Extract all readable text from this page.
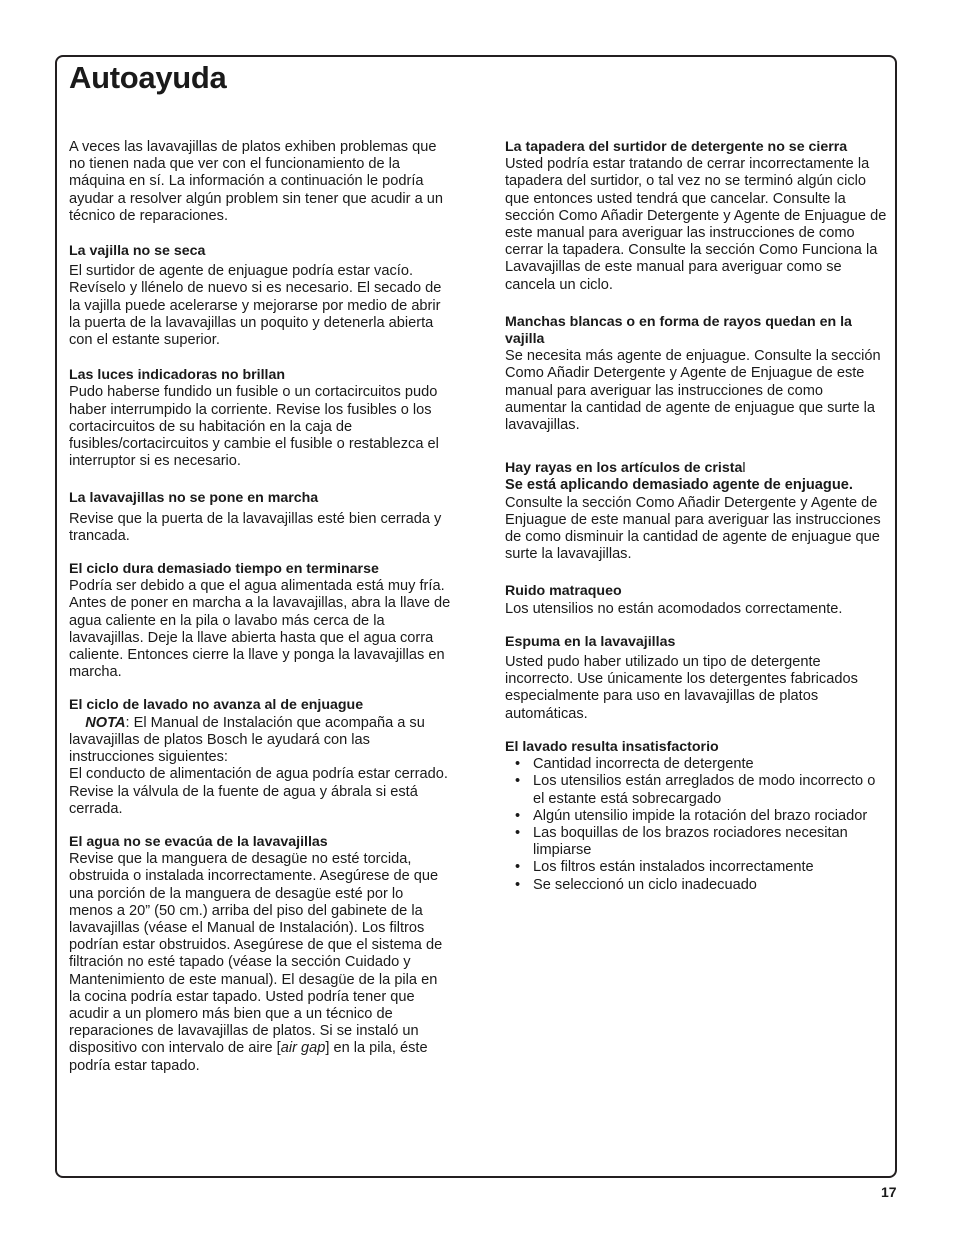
Autoayuda

A veces las lavavajillas de platos exhiben problemas que no tienen nada que ver con el funcionamiento de la máquina en sí. La información a continuación le podría ayudar a resolver algún problem sin tener que acudir a un técnico de reparaciones.

La vajilla no se seca

El surtidor de agente de enjuague podría estar vacío. Revíselo y llénelo de nuevo si es necesario. El secado de la vajilla puede acelerarse y mejorarse por medio de abrir la puerta de la lavavajillas un poquito y detenerla abierta con el estante superior.

Las luces indicadoras no brillan

Pudo haberse fundido un fusible o un cortacircuitos pudo haber interrumpido la corriente. Revise los fusibles o los cortacircuitos de su habitación en la caja de fusibles/cortacircuitos y cambie el fusible o restablezca el interruptor si es necesario.

La lavavajillas no se pone en marcha

Revise que la puerta de la lavavajillas esté bien cerrada y trancada.

El ciclo dura demasiado tiempo en terminarse

Podría ser debido a que el agua alimentada está muy fría. Antes de poner en marcha a la lavavajillas, abra la llave de agua caliente en la pila o lavabo más cerca de la lavavajillas. Deje la llave abierta hasta que el agua corra caliente. Entonces cierre la llave y ponga la lavavajillas en marcha.

El ciclo de lavado no avanza al de enjuague

NOTA: El Manual de Instalación que acompaña a su lavavajillas de platos Bosch le ayudará con las instrucciones siguientes:

El conducto de alimentación de agua podría estar cerrado. Revise la válvula de la fuente de agua y ábrala si está cerrada.

El agua no se evacúa de la lavavajillas

Revise que la manguera de desagüe no esté torcida, obstruida o instalada incorrectamente. Asegúrese de que una porción de la manguera de desagüe esté por lo menos a 20” (50 cm.) arriba del piso del gabinete de la lavavajillas (véase el Manual de Instalación). Los filtros podrían estar obstruidos. Asegúrese de que el sistema de filtración no esté tapado (véase la sección Cuidado y Mantenimiento de este manual). El desagüe de la pila en la cocina podría estar tapado. Usted podría tener que acudir a un plomero más bien que a un técnico de reparaciones de lavavajillas de platos. Si se instaló un dispositivo con intervalo de aire [air gap] en la pila, éste podría estar tapado.

La tapadera del surtidor de detergente no se cierra

Usted podría estar tratando de cerrar incorrectamente la tapadera del surtidor, o tal vez no se terminó algún ciclo que entonces usted tendrá que cancelar. Consulte la sección Como Añadir Detergente y Agente de Enjuague de este manual para averiguar las instrucciones de como cerrar la tapadera. Consulte la sección Como Funciona la Lavavajillas de este manual para averiguar como se cancela un ciclo.

Manchas blancas o en forma de rayos quedan en la vajilla

Se necesita más agente de enjuague. Consulte la sección Como Añadir Detergente y Agente de Enjuague de este manual para averiguar las instrucciones de como aumentar la cantidad de agente de enjuague que surte la lavavajillas.

Hay rayas en los artículos de cristal

Se está aplicando demasiado agente de enjuague. Consulte la sección Como Añadir Detergente y Agente de Enjuague de este manual para averiguar las instrucciones de como disminuir la cantidad de agente de enjuague que surte la lavavajillas.

Ruido matraqueo

Los utensilios no están acomodados correctamente.

Espuma en la lavavajillas

Usted pudo haber utilizado un tipo de detergente incorrecto. Use únicamente los detergentes fabricados especialmente para uso en lavavajillas de platos automáticas.

El lavado resulta insatisfactorio

• Cantidad incorrecta de detergente
• Los utensilios están arreglados de modo incorrecto o el estante está sobrecargado
• Algún utensilio impide la rotación del brazo rociador
• Las boquillas de los brazos rociadores necesitan limpiarse
• Los filtros están instalados incorrectamente
• Se seleccionó un ciclo inadecuado
17
